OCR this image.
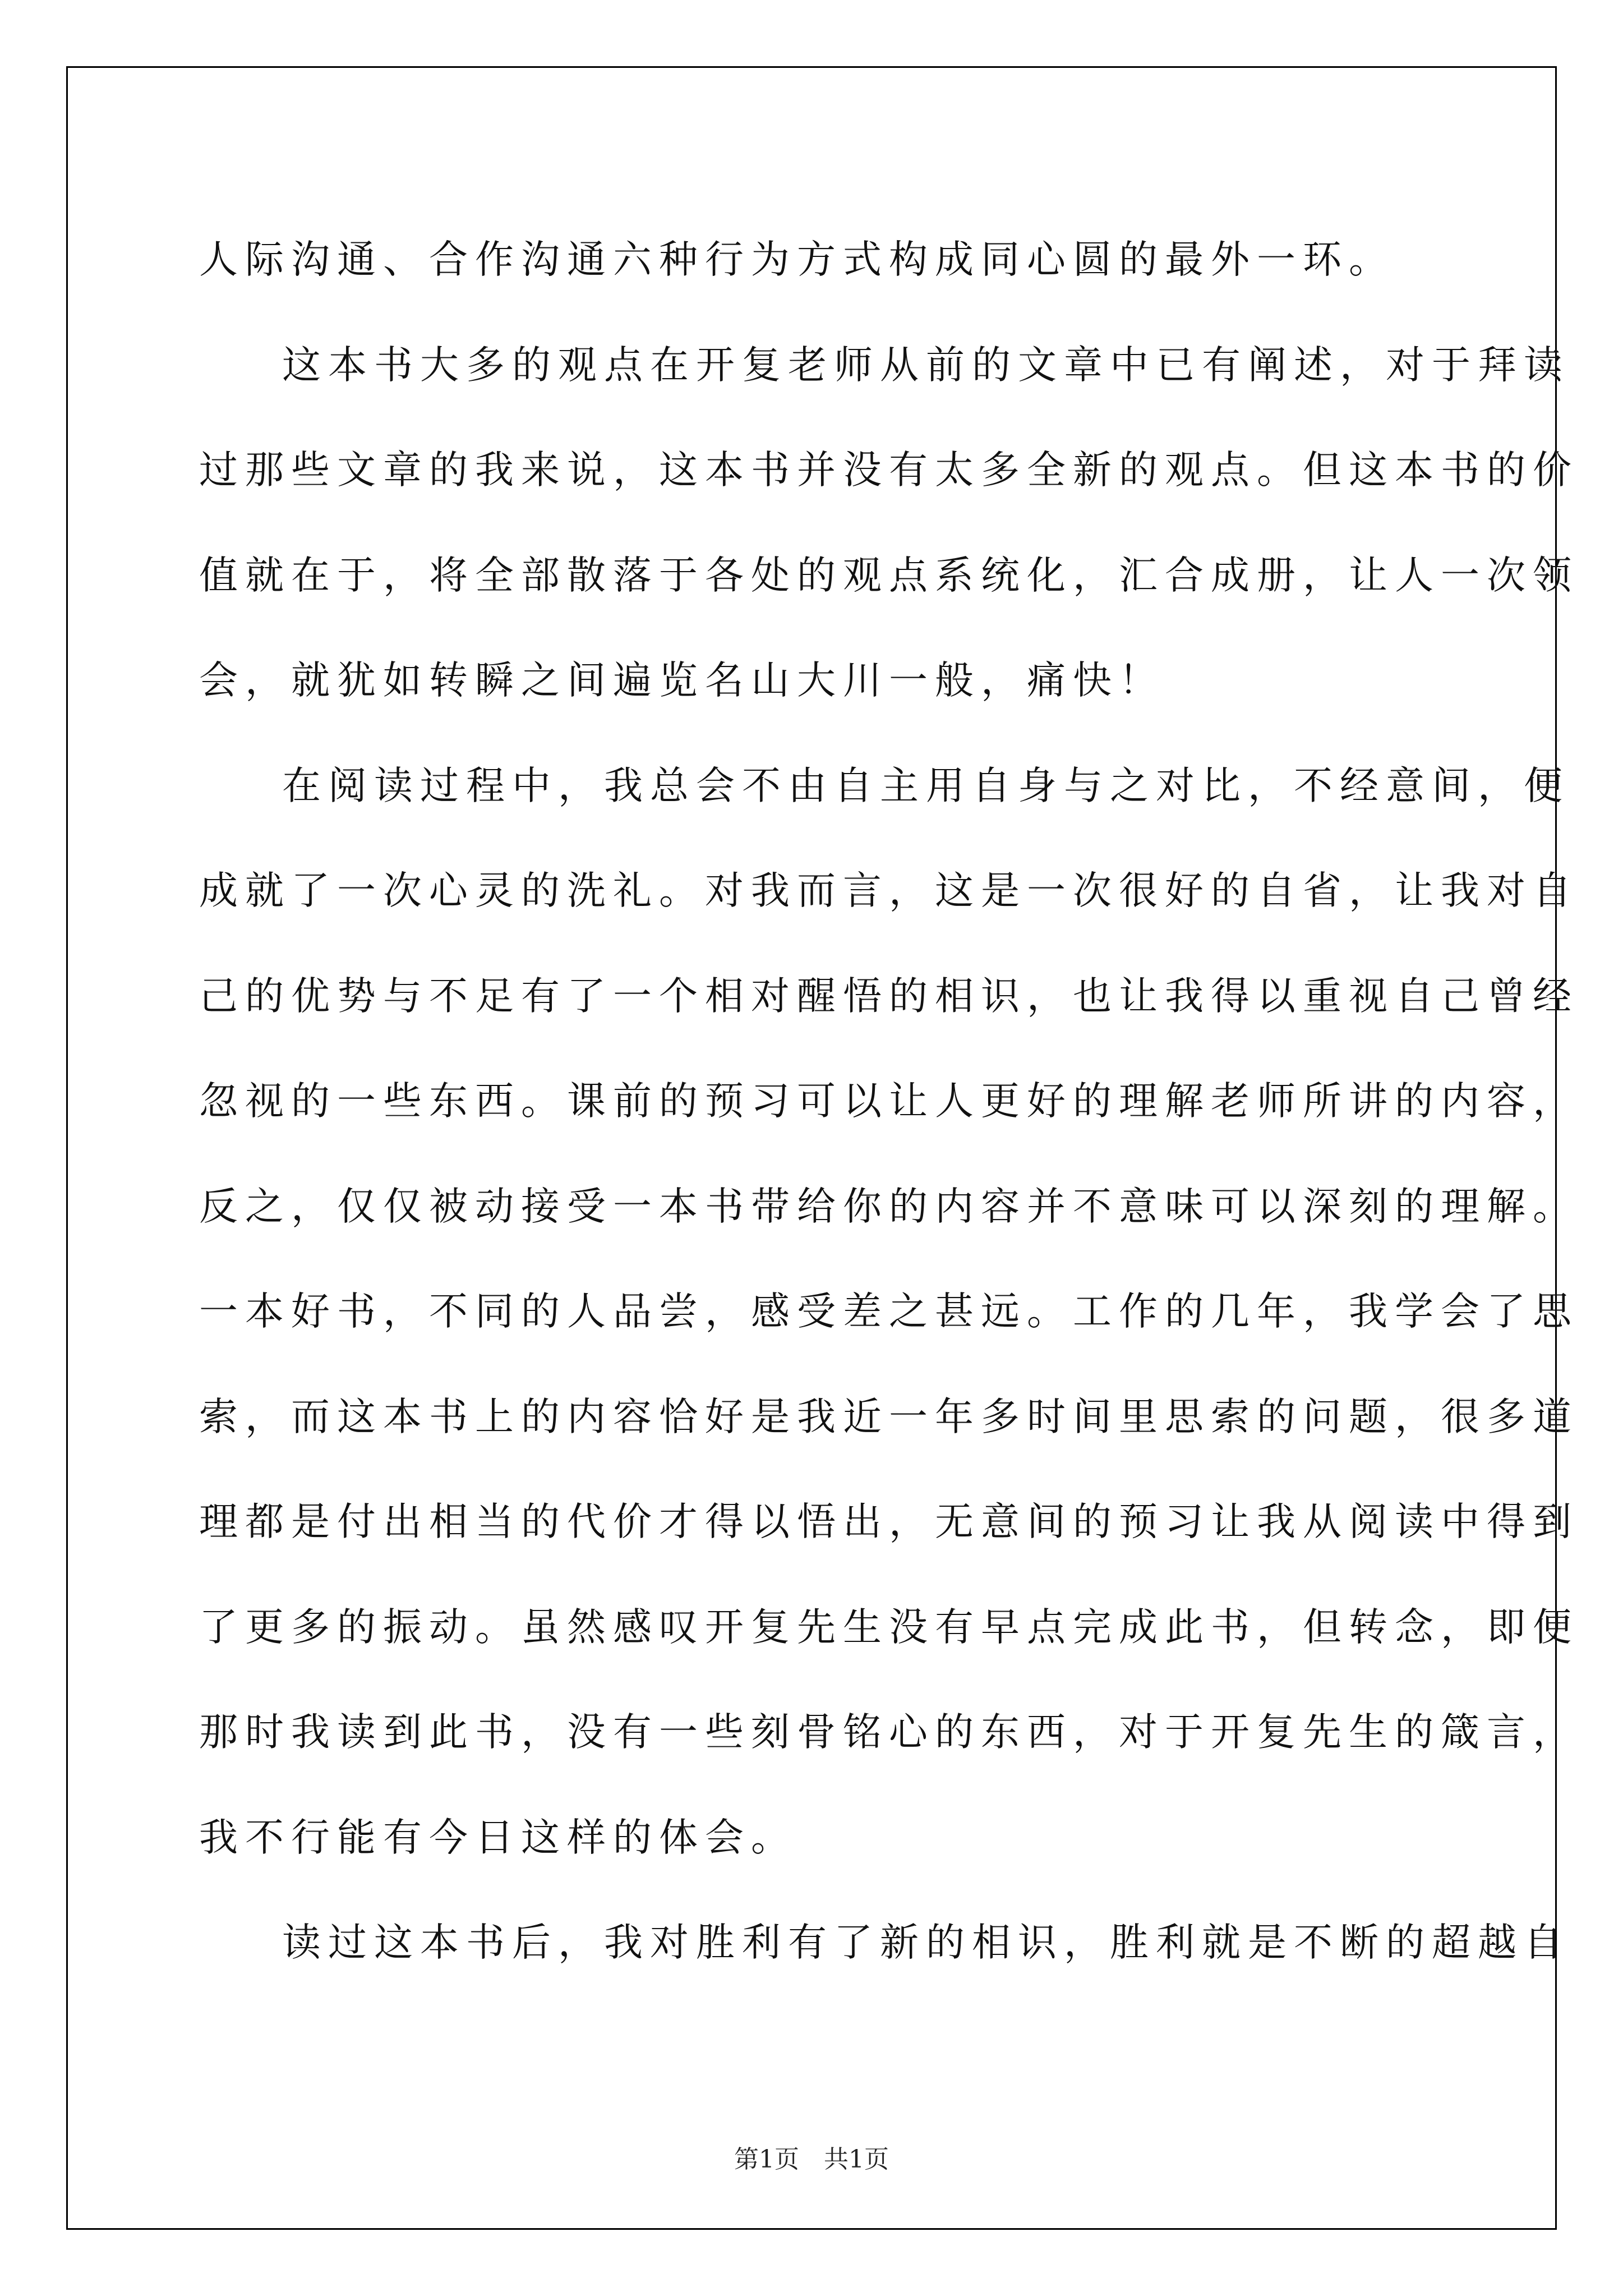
人际沟通、合作沟通六种行为方式构成同心圆的最外一环。
这本书大多的观点在开复老师从前的文章中已有阐述，对于拜读
过那些文章的我来说，这本书并没有太多全新的观点。但这本书的价
值就在于，将全部散落于各处的观点系统化，汇合成册，让人一次领
会，就犹如转瞬之间遍览名山大川一般，痛快！
在阅读过程中，我总会不由自主用自身与之对比，不经意间，便
成就了一次心灵的洗礼。对我而言，这是一次很好的自省，让我对自
己的优势与不足有了一个相对醒悟的相识，也让我得以重视自己曾经
忽视的一些东西。课前的预习可以让人更好的理解老师所讲的内容，
反之，仅仅被动接受一本书带给你的内容并不意味可以深刻的理解。
一本好书，不同的人品尝，感受差之甚远。工作的几年，我学会了思
索，而这本书上的内容恰好是我近一年多时间里思索的问题，很多道
理都是付出相当的代价才得以悟出，无意间的预习让我从阅读中得到
了更多的振动。虽然感叹开复先生没有早点完成此书，但转念，即便
那时我读到此书，没有一些刻骨铭心的东西，对于开复先生的箴言，
我不行能有今日这样的体会。
读过这本书后，我对胜利有了新的相识，胜利就是不断的超越自
第1页　共1页
